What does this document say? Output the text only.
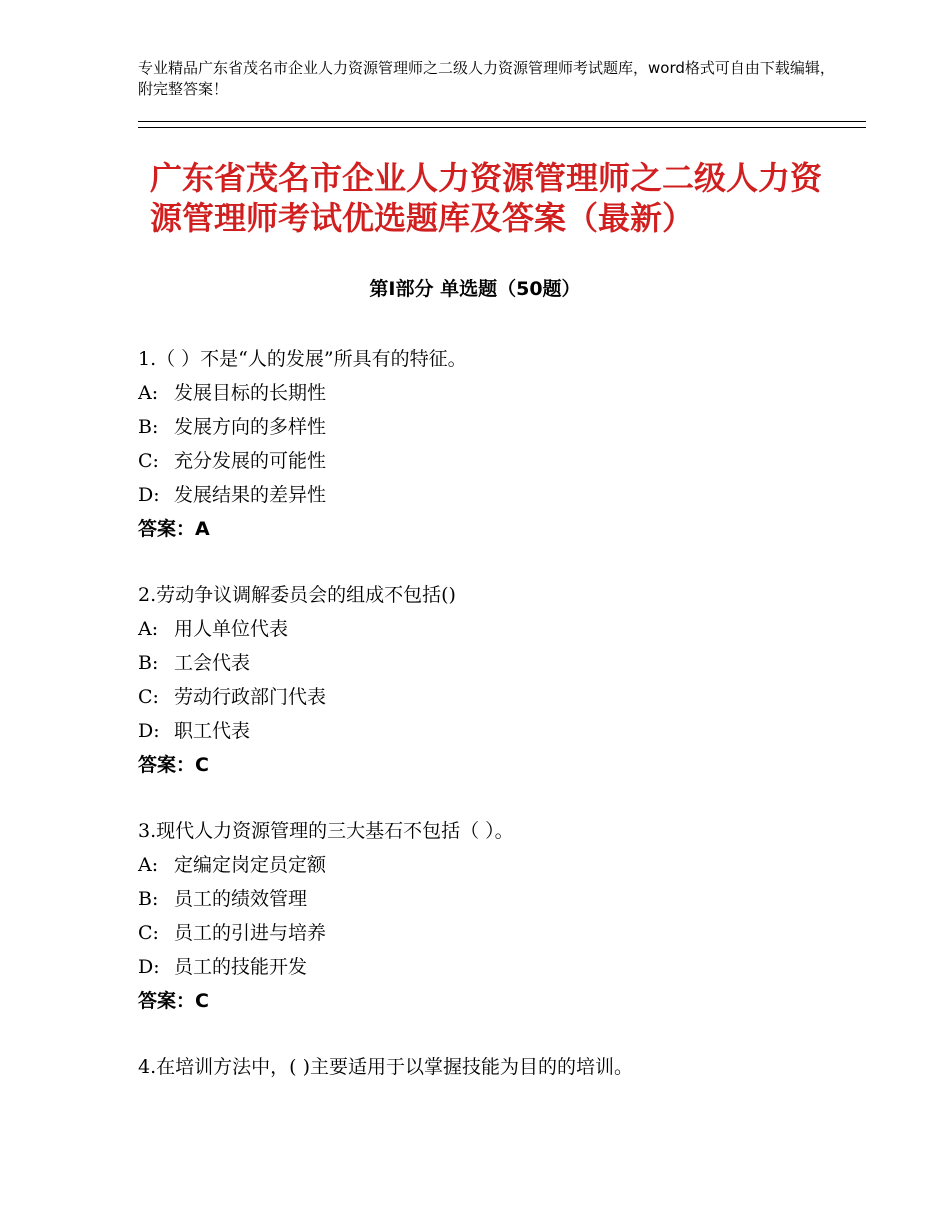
专业精品广东省茂名市企业人力资源管理师之二级人力资源管理师考试题库，word格式可自由下载编辑，附完整答案！
广东省茂名市企业人力资源管理师之二级人力资源管理师考试优选题库及答案（最新）
第Ⅰ部分 单选题（50题）
1.（ ）不是“人的发展”所具有的特征。
A: 发展目标的长期性
B: 发展方向的多样性
C: 充分发展的可能性
D: 发展结果的差异性
答案：A
2.劳动争议调解委员会的组成不包括()
A: 用人单位代表
B: 工会代表
C: 劳动行政部门代表
D: 职工代表
答案：C
3.现代人力资源管理的三大基石不包括（ ）。
A: 定编定岗定员定额
B: 员工的绩效管理
C: 员工的引进与培养
D: 员工的技能开发
答案：C
4.在培训方法中，( )主要适用于以掌握技能为目的的培训。
